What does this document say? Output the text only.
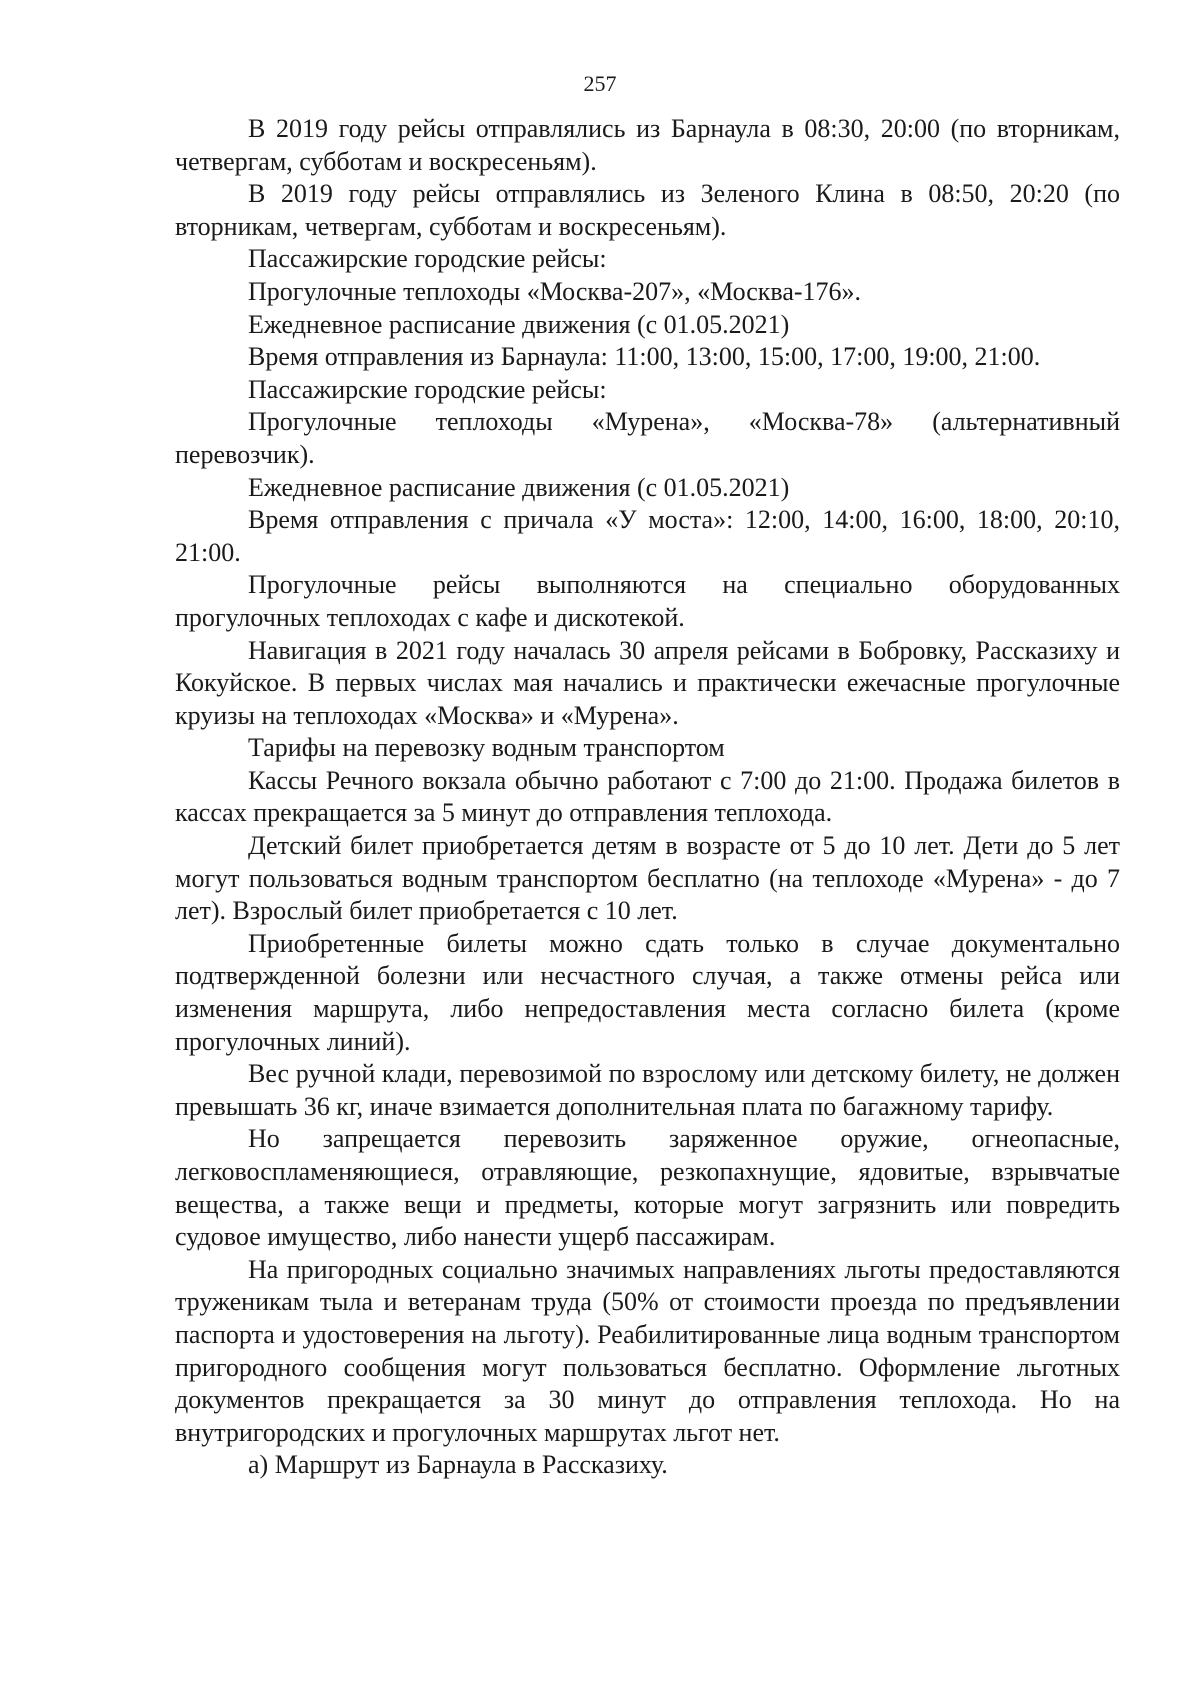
257

В 2019 году рейсы отправлялись из Барнаула в 08:30, 20:00 (по вторникам, четвергам, субботам и воскресеньям).

В 2019 году рейсы отправлялись из Зеленого Клина в 08:50, 20:20 (по вторникам, четвергам, субботам и воскресеньям).

Пассажирские городские рейсы:

Прогулочные теплоходы «Москва-207», «Москва-176».

Ежедневное расписание движения (с 01.05.2021)

Время отправления из Барнаула: 11:00, 13:00, 15:00, 17:00, 19:00, 21:00.

Пассажирские городские рейсы:

Прогулочные теплоходы «Мурена», «Москва-78» (альтернативный перевозчик).

Ежедневное расписание движения (с 01.05.2021)

Время отправления с причала «У моста»: 12:00, 14:00, 16:00, 18:00, 20:10, 21:00.

Прогулочные рейсы выполняются на специально оборудованных прогулочных теплоходах с кафе и дискотекой.

Навигация в 2021 году началась 30 апреля рейсами в Бобровку, Рассказиху и Кокуйское. В первых числах мая начались и практически ежечасные прогулочные круизы на теплоходах «Москва» и «Мурена».

Тарифы на перевозку водным транспортом

Кассы Речного вокзала обычно работают с 7:00 до 21:00. Продажа билетов в кассах прекращается за 5 минут до отправления теплохода.

Детский билет приобретается детям в возрасте от 5 до 10 лет. Дети до 5 лет могут пользоваться водным транспортом бесплатно (на теплоходе «Мурена» - до 7 лет). Взрослый билет приобретается с 10 лет.

Приобретенные билеты можно сдать только в случае документально подтвержденной болезни или несчастного случая, а также отмены рейса или изменения маршрута, либо непредоставления места согласно билета (кроме прогулочных линий).

Вес ручной клади, перевозимой по взрослому или детскому билету, не должен превышать 36 кг, иначе взимается дополнительная плата по багажному тарифу.

Но запрещается перевозить заряженное оружие, огнеопасные, легковоспламеняющиеся, отравляющие, резкопахнущие, ядовитые, взрывчатые вещества, а также вещи и предметы, которые могут загрязнить или повредить судовое имущество, либо нанести ущерб пассажирам.

На пригородных социально значимых направлениях льготы предоставляются труженикам тыла и ветеранам труда (50% от стоимости проезда по предъявлении паспорта и удостоверения на льготу). Реабилитированные лица водным транспортом пригородного сообщения могут пользоваться бесплатно. Оформление льготных документов прекращается за 30 минут до отправления теплохода. Но на внутригородских и прогулочных маршрутах льгот нет.

а) Маршрут из Барнаула в Рассказиху.
